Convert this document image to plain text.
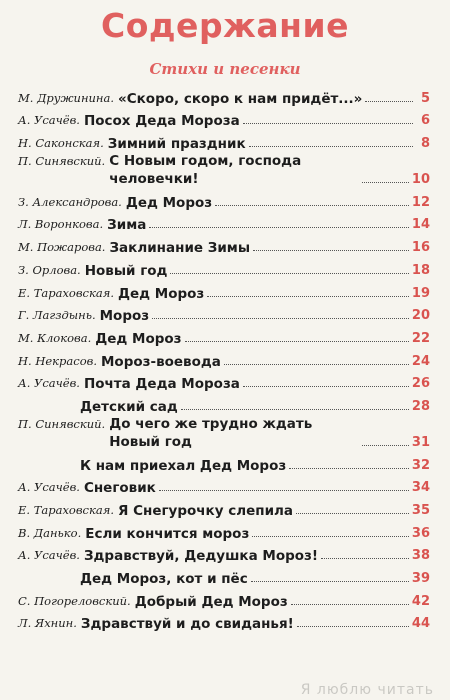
Содержание
Стихи и песенки
М. Дружинина. «Скоро, скоро к нам придёт...»	5
А. Усачёв. Посох Деда Мороза	6
Н. Саконская. Зимний праздник	8
П. Синявский. С Новым годом, господа человечки!	10
З. Александрова. Дед Мороз	12
Л. Воронкова. Зима	14
М. Пожарова. Заклинание Зимы	16
З. Орлова. Новый год	18
Е. Тараховская. Дед Мороз	19
Г. Лагздынь. Мороз	20
М. Клокова. Дед Мороз	22
Н. Некрасов. Мороз-воевода	24
А. Усачёв. Почта Деда Мороза	26
Детский сад	28
П. Синявский. До чего же трудно ждать Новый год	31
К нам приехал Дед Мороз	32
А. Усачёв. Снеговик	34
Е. Тараховская. Я Снегурочку слепила	35
В. Данько. Если кончится мороз	36
А. Усачёв. Здравствуй, Дедушка Мороз!	38
Дед Мороз, кот и пёс	39
С. Погореловский. Добрый Дед Мороз	42
Л. Яхнин. Здравствуй и до свиданья!	44
Я люблю читать
